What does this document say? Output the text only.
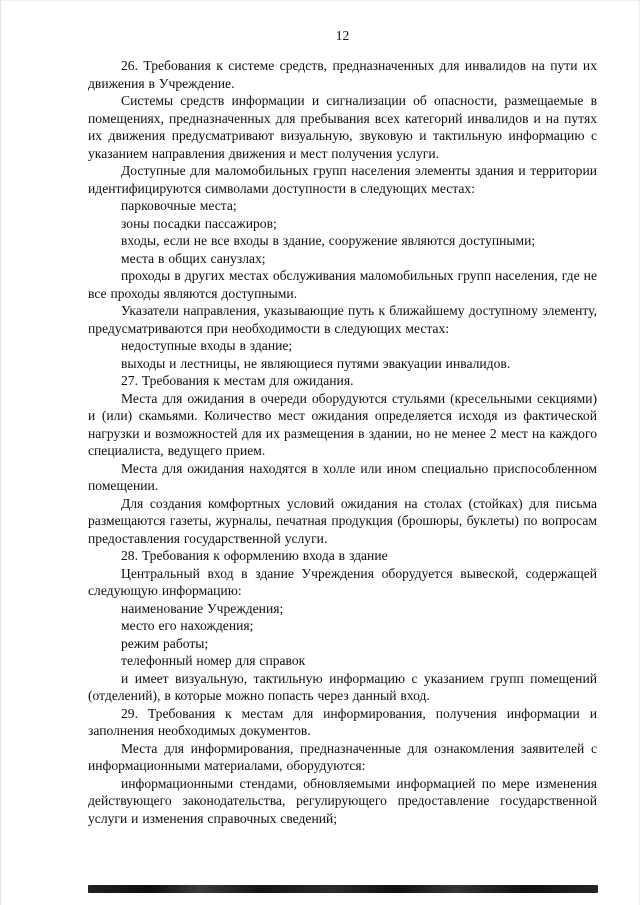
12

26. Требования к системе средств, предназначенных для инвалидов на пути их движения в Учреждение.

Системы средств информации и сигнализации об опасности, размещаемые в помещениях, предназначенных для пребывания всех категорий инвалидов и на путях их движения предусматривают визуальную, звуковую и тактильную информацию с указанием направления движения и мест получения услуги.

Доступные для маломобильных групп населения элементы здания и территории идентифицируются символами доступности в следующих местах:

парковочные места;

зоны посадки пассажиров;

входы, если не все входы в здание, сооружение являются доступными;

места в общих санузлах;

проходы в других местах обслуживания маломобильных групп населения, где не все проходы являются доступными.

Указатели направления, указывающие путь к ближайшему доступному элементу, предусматриваются при необходимости в следующих местах:

недоступные входы в здание;

выходы и лестницы, не являющиеся путями эвакуации инвалидов.

27. Требования к местам для ожидания.

Места для ожидания в очереди оборудуются стульями (кресельными секциями) и (или) скамьями. Количество мест ожидания определяется исходя из фактической нагрузки и возможностей для их размещения в здании, но не менее 2 мест на каждого специалиста, ведущего прием.

Места для ожидания находятся в холле или ином специально приспособленном помещении.

Для создания комфортных условий ожидания на столах (стойках) для письма размещаются газеты, журналы, печатная продукция (брошюры, буклеты) по вопросам предоставления государственной услуги.

28. Требования к оформлению входа в здание

Центральный вход в здание Учреждения оборудуется вывеской, содержащей следующую информацию:

наименование Учреждения;

место его нахождения;

режим работы;

телефонный номер для справок

и имеет визуальную, тактильную информацию с указанием групп помещений (отделений), в которые можно попасть через данный вход.

29. Требования к местам для информирования, получения информации и заполнения необходимых документов.

Места для информирования, предназначенные для ознакомления заявителей с информационными материалами, оборудуются:

информационными стендами, обновляемыми информацией по мере изменения действующего законодательства, регулирующего предоставление государственной услуги и изменения справочных сведений;
